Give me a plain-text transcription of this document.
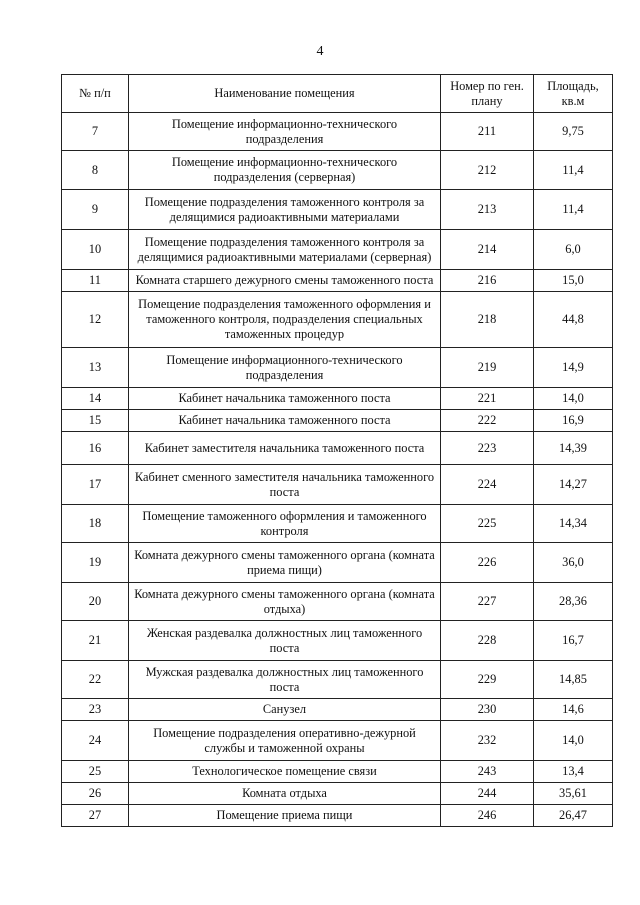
4
№ п/п	Наименование помещения	Номер по ген. плану	Площадь, кв.м
7	Помещение информационно-технического подразделения	211	9,75
8	Помещение информационно-технического подразделения (серверная)	212	11,4
9	Помещение подразделения таможенного контроля за делящимися радиоактивными материалами	213	11,4
10	Помещение подразделения таможенного контроля за делящимися радиоактивными материалами (серверная)	214	6,0
11	Комната старшего дежурного смены таможенного поста	216	15,0
12	Помещение подразделения таможенного оформления и таможенного контроля, подразделения специальных таможенных процедур	218	44,8
13	Помещение информационного-технического подразделения	219	14,9
14	Кабинет начальника таможенного поста	221	14,0
15	Кабинет начальника таможенного поста	222	16,9
16	Кабинет заместителя начальника таможенного поста	223	14,39
17	Кабинет сменного заместителя начальника таможенного поста	224	14,27
18	Помещение таможенного оформления и таможенного контроля	225	14,34
19	Комната дежурного смены таможенного органа (комната приема пищи)	226	36,0
20	Комната дежурного смены таможенного органа (комната отдыха)	227	28,36
21	Женская раздевалка должностных лиц таможенного поста	228	16,7
22	Мужская раздевалка должностных лиц таможенного поста	229	14,85
23	Санузел	230	14,6
24	Помещение подразделения оперативно-дежурной службы и таможенной охраны	232	14,0
25	Технологическое помещение связи	243	13,4
26	Комната отдыха	244	35,61
27	Помещение приема пищи	246	26,47
